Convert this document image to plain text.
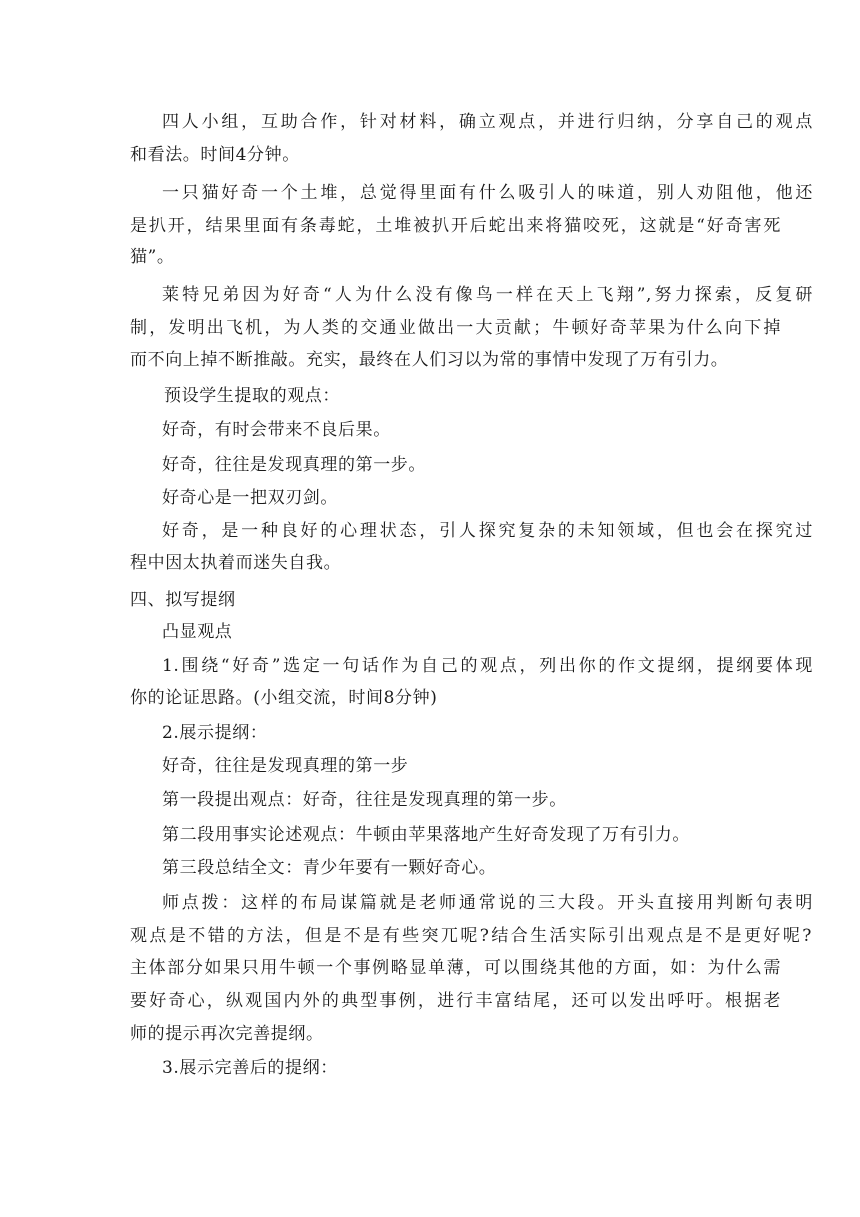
四人小组，互助合作，针对材料，确立观点，并进行归纳，分享自己的观点
和看法。时间4分钟。
一只猫好奇一个土堆，总觉得里面有什么吸引人的味道，别人劝阻他，他还
是扒开，结果里面有条毒蛇，土堆被扒开后蛇出来将猫咬死，这就是“好奇害死
猫”。
莱特兄弟因为好奇“人为什么没有像鸟一样在天上飞翔”,努力探索，反复研
制，发明出飞机，为人类的交通业做出一大贡献；牛顿好奇苹果为什么向下掉
而不向上掉不断推敲。充实，最终在人们习以为常的事情中发现了万有引力。
预设学生提取的观点：
好奇，有时会带来不良后果。
好奇，往往是发现真理的第一步。
好奇心是一把双刃剑。
好奇，是一种良好的心理状态，引人探究复杂的未知领域，但也会在探究过
程中因太执着而迷失自我。
四、拟写提纲
凸显观点
1.围绕“好奇”选定一句话作为自己的观点，列出你的作文提纲，提纲要体现
你的论证思路。(小组交流，时间8分钟)
2.展示提纲：
好奇，往往是发现真理的第一步
第一段提出观点：好奇，往往是发现真理的第一步。
第二段用事实论述观点：牛顿由苹果落地产生好奇发现了万有引力。
第三段总结全文：青少年要有一颗好奇心。
师点拨：这样的布局谋篇就是老师通常说的三大段。开头直接用判断句表明
观点是不错的方法，但是不是有些突兀呢?结合生活实际引出观点是不是更好呢?
主体部分如果只用牛顿一个事例略显单薄，可以围绕其他的方面，如：为什么需
要好奇心，纵观国内外的典型事例，进行丰富结尾，还可以发出呼吁。根据老
师的提示再次完善提纲。
3.展示完善后的提纲：
